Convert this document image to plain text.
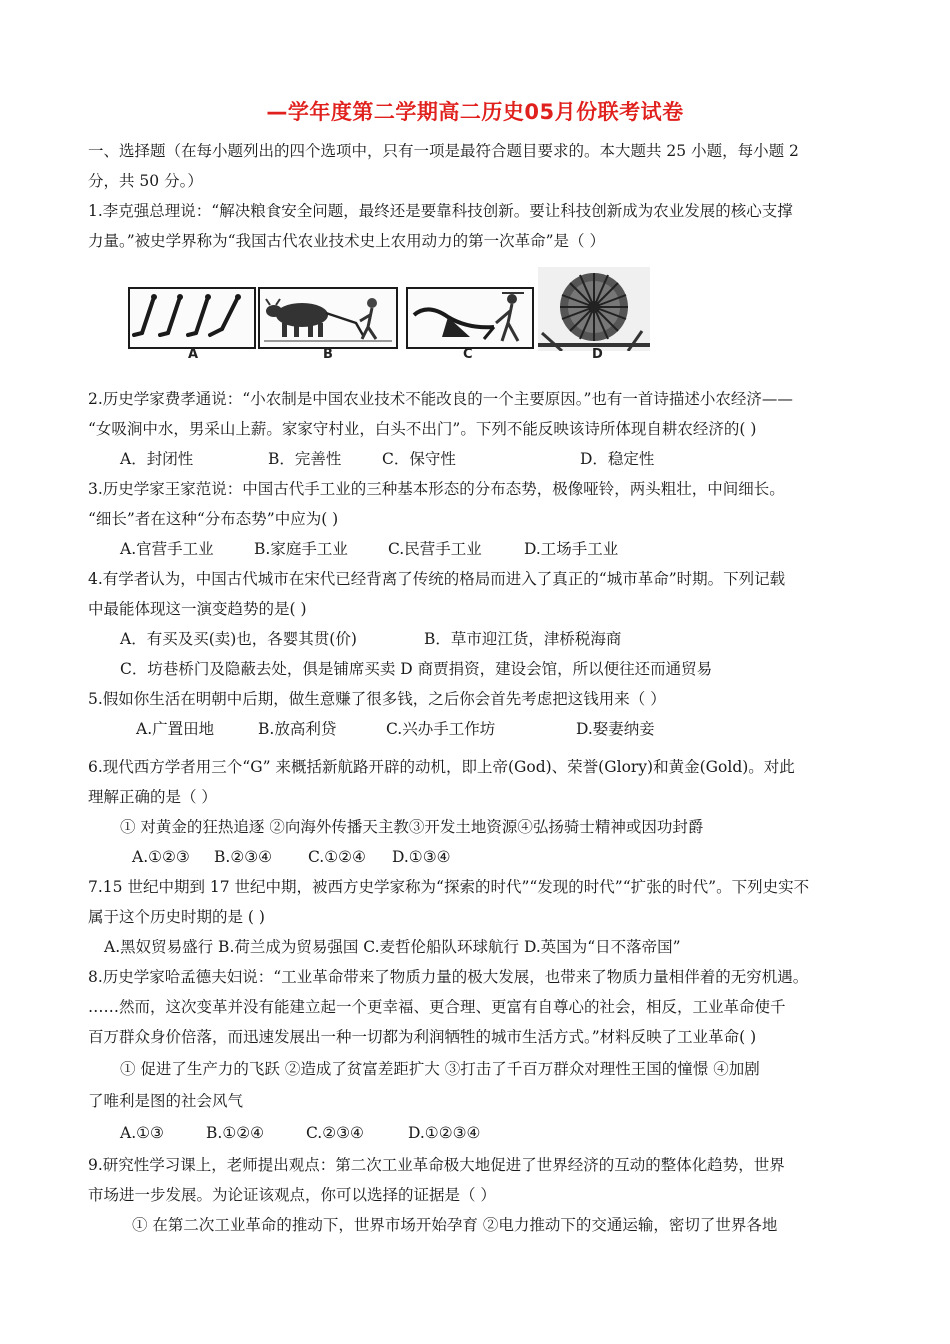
—学年度第二学期高二历史05月份联考试卷
一、选择题（在每小题列出的四个选项中，只有一项是最符合题目要求的。本大题共 25 小题，每小题 2
分，共 50 分。）
1.李克强总理说：“解决粮食安全问题，最终还是要靠科技创新。要让科技创新成为农业发展的核心支撑
力量。”被史学界称为“我国古代农业技术史上农用动力的第一次革命”是（ ）
A	B	C	D
2.历史学家费孝通说：“小农制是中国农业技术不能改良的一个主要原因。”也有一首诗描述小农经济——
“女吸涧中水，男采山上薪。家家守村业，白头不出门”。下列不能反映该诗所体现自耕农经济的( )
A．封闭性	B．完善性	C．保守性	D．稳定性
3.历史学家王家范说：中国古代手工业的三种基本形态的分布态势，极像哑铃，两头粗壮，中间细长。
“细长”者在这种“分布态势”中应为( )
A.官营手工业	B.家庭手工业	C.民营手工业	D.工场手工业
4.有学者认为，中国古代城市在宋代已经背离了传统的格局而进入了真正的“城市革命”时期。下列记载
中最能体现这一演变趋势的是( )
A．有买及买(卖)也，各婴其贯(价)	B．草市迎江货，津桥税海商
C．坊巷桥门及隐蔽去处，俱是铺席买卖 D 商贾捐资，建设会馆，所以便往还而通贸易
5.假如你生活在明朝中后期，做生意赚了很多钱，之后你会首先考虑把这钱用来（ ）
A.广置田地	B.放高利贷	C.兴办手工作坊	D.娶妻纳妾
6.现代西方学者用三个“G” 来概括新航路开辟的动机，即上帝(God)、荣誉(Glory)和黄金(Gold)。对此
理解正确的是（ ）
① 对黄金的狂热追逐 ②向海外传播天主教③开发土地资源④弘扬骑士精神或因功封爵
A.①②③ B.②③④ C.①②④ D.①③④
7.15 世纪中期到 17 世纪中期，被西方史学家称为“探索的时代”“发现的时代”“扩张的时代”。下列史实不
属于这个历史时期的是 ( )
A.黑奴贸易盛行 B.荷兰成为贸易强国 C.麦哲伦船队环球航行 D.英国为“日不落帝国”
8.历史学家哈孟德夫妇说：“工业革命带来了物质力量的极大发展，也带来了物质力量相伴着的无穷机遇。
……然而，这次变革并没有能建立起一个更幸福、更合理、更富有自尊心的社会，相反，工业革命使千
百万群众身价倍落，而迅速发展出一种一切都为利润牺牲的城市生活方式。”材料反映了工业革命( )
① 促进了生产力的飞跃 ②造成了贫富差距扩大 ③打击了千百万群众对理性王国的憧憬 ④加剧
了唯利是图的社会风气
A.①③	B.①②④	C.②③④	D.①②③④
9.研究性学习课上，老师提出观点：第二次工业革命极大地促进了世界经济的互动的整体化趋势，世界
市场进一步发展。为论证该观点，你可以选择的证据是（ ）
① 在第二次工业革命的推动下，世界市场开始孕育 ②电力推动下的交通运输，密切了世界各地
